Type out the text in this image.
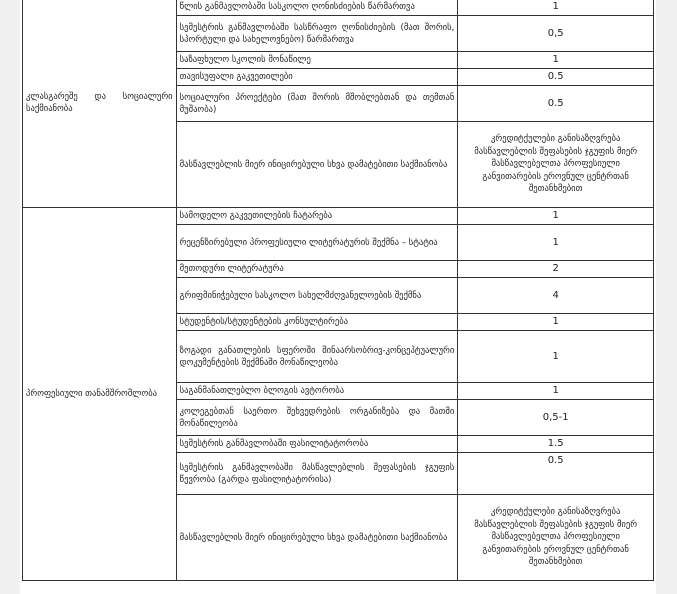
კლასგარეშე და სოციალური საქმიანობა	წლის განმავლობაში სასკოლო ღონისძიების წარმართვა	1
	სემესტრის განმავლობაში სასწრაფო ღონისძიების (მათ შორის, სპორტული და სახელოვნებო) წარმართვა	0,5
	საზაფხულო სკოლის მონაწილე	1
	თავისუფალი გაკვეთილები	0.5
	სოციალური პროექტები (მათ შორის მშობლებთან და თემთან მუშაობა)	0.5
	მასწავლებლის მიერ ინიცირებული სხვა დამატებითი საქმიანობა	კრედიტქულები განისაზღვრება მასწავლებლის შეფასების ჯგუფის მიერ მასწავლებელთა პროფესიული განვითარების ეროვნულ ცენტრთან შეთანხმებით
პროფესიული თანამშრომლობა	სამოდელო გაკვეთილების ჩატარება	1
	რეცენზირებული პროფესიული ლიტერატურის შექმნა – სტატია	1
	მეთოდური ლიტერატურა	2
	გრიფმინიჭებული სასკოლო სახელმძღვანელოების შექმნა	4
	სტუდენტის/სტუდენტების კონსულტირება	1
	ზოგადი განათლების სფეროში შინაარსობრივ-კონცეპტუალური დოკუმენტების შექმნაში მონაწილეობა	1
	საგანმანათლებლო ბლოგის ავტორობა	1
	კოლეგებთან საერთო შეხვედრების ორგანიზება და მათში მონაწილეობა	0,5-1
	სემესტრის განმავლობაში ფასილიტატორობა	1.5
	სემესტრის განმავლობაში მასწავლებლის შეფასების ჯგუფის წევრობა (გარდა ფასილიტატორისა)	0.5
	მასწავლებლის მიერ ინიცირებული სხვა დამატებითი საქმიანობა	კრედიტქულები განისაზღვრება მასწავლებლის შეფასების ჯგუფის მიერ მასწავლებელთა პროფესიული განვითარების ეროვნულ ცენტრთან შეთანხმებით
